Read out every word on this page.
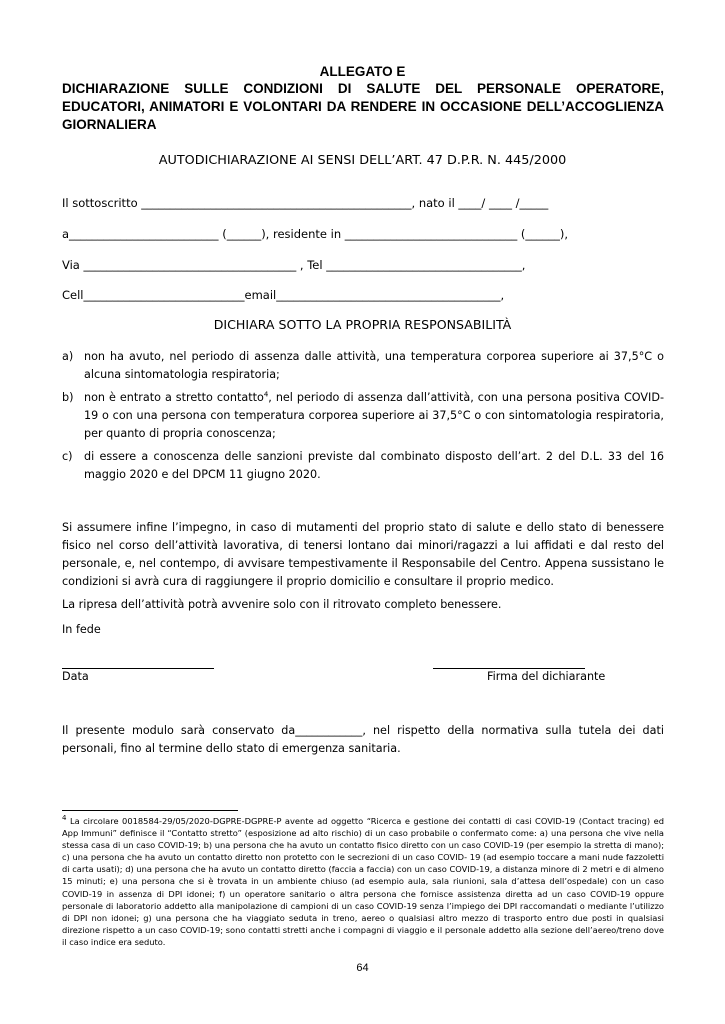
ALLEGATO E
DICHIARAZIONE SULLE CONDIZIONI DI SALUTE DEL PERSONALE OPERATORE, EDUCATORI, ANIMATORI E VOLONTARI DA RENDERE IN OCCASIONE DELL’ACCOGLIENZA GIORNALIERA
AUTODICHIARAZIONE AI SENSI DELL’ART. 47 D.P.R. N. 445/2000
Il sottoscritto _______________________________________________, nato il ____/ ____ /_____
a__________________________ (______), residente in ______________________________ (______),
Via _____________________________________ , Tel __________________________________,
Cell____________________________email_______________________________________,
DICHIARA SOTTO LA PROPRIA RESPONSABILITÀ
a) non ha avuto, nel periodo di assenza dalle attività, una temperatura corporea superiore ai 37,5°C o alcuna sintomatologia respiratoria;
b) non è entrato a stretto contatto$^4$, nel periodo di assenza dall’attività, con una persona positiva COVID-19 o con una persona con temperatura corporea superiore ai 37,5°C o con sintomatologia respiratoria, per quanto di propria conoscenza;
c) di essere a conoscenza delle sanzioni previste dal combinato disposto dell’art. 2 del D.L. 33 del 16 maggio 2020 e del DPCM 11 giugno 2020.
Si assumere infine l’impegno, in caso di mutamenti del proprio stato di salute e dello stato di benessere fisico nel corso dell’attività lavorativa, di tenersi lontano dai minori/ragazzi a lui affidati e dal resto del personale, e, nel contempo, di avvisare tempestivamente il Responsabile del Centro. Appena sussistano le condizioni si avrà cura di raggiungere il proprio domicilio e consultare il proprio medico.
La ripresa dell’attività potrà avvenire solo con il ritrovato completo benessere.
In fede
Data	Firma del dichiarante
Il presente modulo sarà conservato da____________, nel rispetto della normativa sulla tutela dei dati personali, fino al termine dello stato di emergenza sanitaria.
$^4$ La circolare 0018584-29/05/2020-DGPRE-DGPRE-P avente ad oggetto “Ricerca e gestione dei contatti di casi COVID-19 (Contact tracing) ed App Immuni” definisce il “Contatto stretto” (esposizione ad alto rischio) di un caso probabile o confermato come: a) una persona che vive nella stessa casa di un caso COVID-19; b) una persona che ha avuto un contatto fisico diretto con un caso COVID-19 (per esempio la stretta di mano); c) una persona che ha avuto un contatto diretto non protetto con le secrezioni di un caso COVID- 19 (ad esempio toccare a mani nude fazzoletti di carta usati); d) una persona che ha avuto un contatto diretto (faccia a faccia) con un caso COVID-19, a distanza minore di 2 metri e di almeno 15 minuti; e) una persona che si è trovata in un ambiente chiuso (ad esempio aula, sala riunioni, sala d’attesa dell’ospedale) con un caso COVID-19 in assenza di DPI idonei; f) un operatore sanitario o altra persona che fornisce assistenza diretta ad un caso COVID-19 oppure personale di laboratorio addetto alla manipolazione di campioni di un caso COVID-19 senza l’impiego dei DPI raccomandati o mediante l’utilizzo di DPI non idonei; g) una persona che ha viaggiato seduta in treno, aereo o qualsiasi altro mezzo di trasporto entro due posti in qualsiasi direzione rispetto a un caso COVID-19; sono contatti stretti anche i compagni di viaggio e il personale addetto alla sezione dell’aereo/treno dove il caso indice era seduto.
64
